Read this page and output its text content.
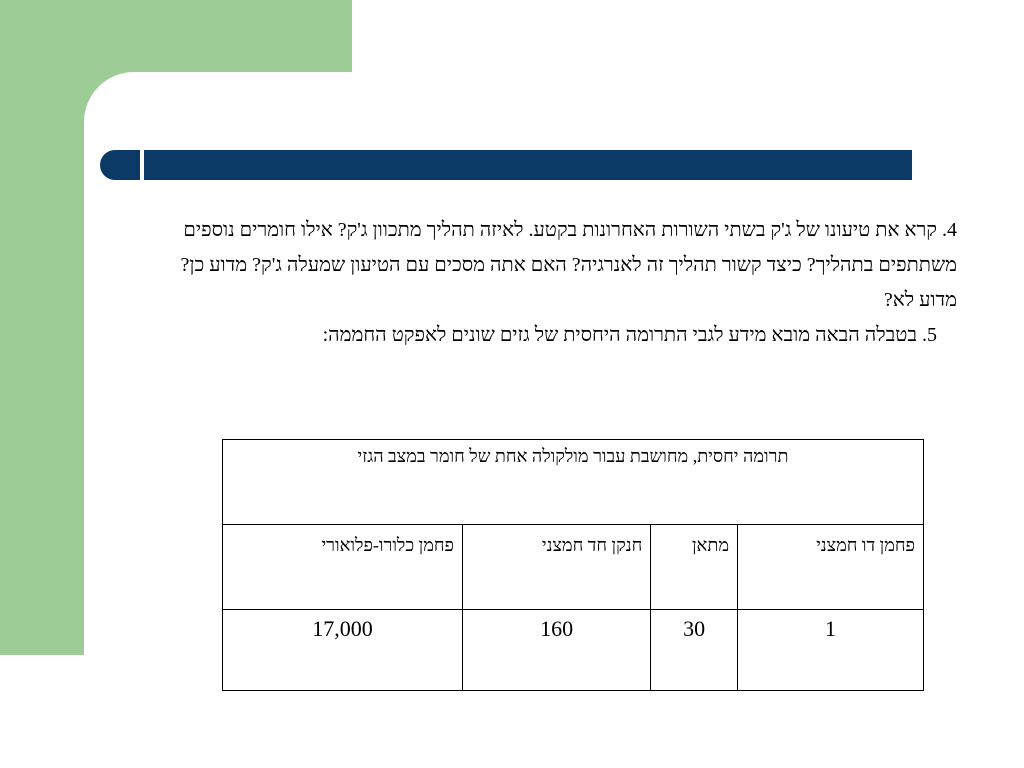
4. קרא את טיעונו של ג'ק בשתי השורות האחרונות בקטע. לאיזה תהליך מתכוון ג'ק? אילו חומרים נוספים משתתפים בתהליך? כיצד קשור תהליך זה לאנרגיה? האם אתה מסכים עם הטיעון שמעלה ג'ק? מדוע כן? מדוע לא?

5. בטבלה הבאה מובא מידע לגבי התרומה היחסית של גזים שונים לאפקט החממה:

תרומה יחסית, מחושבת עבור מולקולה אחת של חומר במצב הגזי			
פחמן דו חמצני	מתאן	חנקן חד חמצני	פחמן כלורו-פלואורי
1	30	160	17,000
